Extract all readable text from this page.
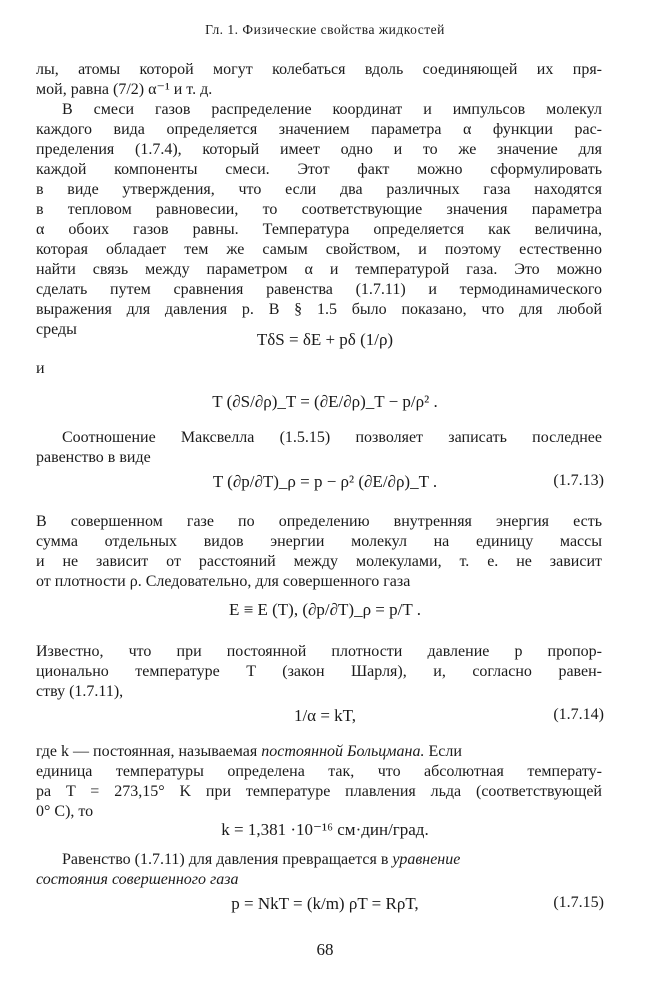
Гл. 1. Физические свойства жидкостей
лы, атомы которой могут колебаться вдоль соединяющей их пря-
мой, равна (7/2) α⁻¹ и т. д.
В смеси газов распределение координат и импульсов молекул
каждого вида определяется значением параметра α функции рас-
пределения (1.7.4), который имеет одно и то же значение для
каждой компоненты смеси. Этот факт можно сформулировать
в виде утверждения, что если два различных газа находятся
в тепловом равновесии, то соответствующие значения параметра
α обоих газов равны. Температура определяется как величина,
которая обладает тем же самым свойством, и поэтому естественно
найти связь между параметром α и температурой газа. Это можно
сделать путем сравнения равенства (1.7.11) и термодинамического
выражения для давления p. В § 1.5 было показано, что для любой
среды
TδS = δE + pδ (1/ρ)
и
T (∂S/∂ρ)_T = (∂E/∂ρ)_T − p/ρ² .
Соотношение Максвелла (1.5.15) позволяет записать последнее
равенство в виде
T (∂p/∂T)_ρ = p − ρ² (∂E/∂ρ)_T .	(1.7.13)
В совершенном газе по определению внутренняя энергия есть
сумма отдельных видов энергии молекул на единицу массы
и не зависит от расстояний между молекулами, т. е. не зависит
от плотности ρ. Следовательно, для совершенного газа
E ≡ E (T), (∂p/∂T)_ρ = p/T .
Известно, что при постоянной плотности давление p пропор-
ционально температуре T (закон Шарля), и, согласно равен-
ству (1.7.11),
1/α = kT,	(1.7.14)
где k — постоянная, называемая постоянной Больцмана. Если
единица температуры определена так, что абсолютная температу-
ра T = 273,15° K при температуре плавления льда (соответствующей
0° С), то
k = 1,381 ·10⁻¹⁶ см·дин/град.
Равенство (1.7.11) для давления превращается в уравнение
состояния совершенного газа
p = NkT = (k/m) ρT = RρT,	(1.7.15)
68
